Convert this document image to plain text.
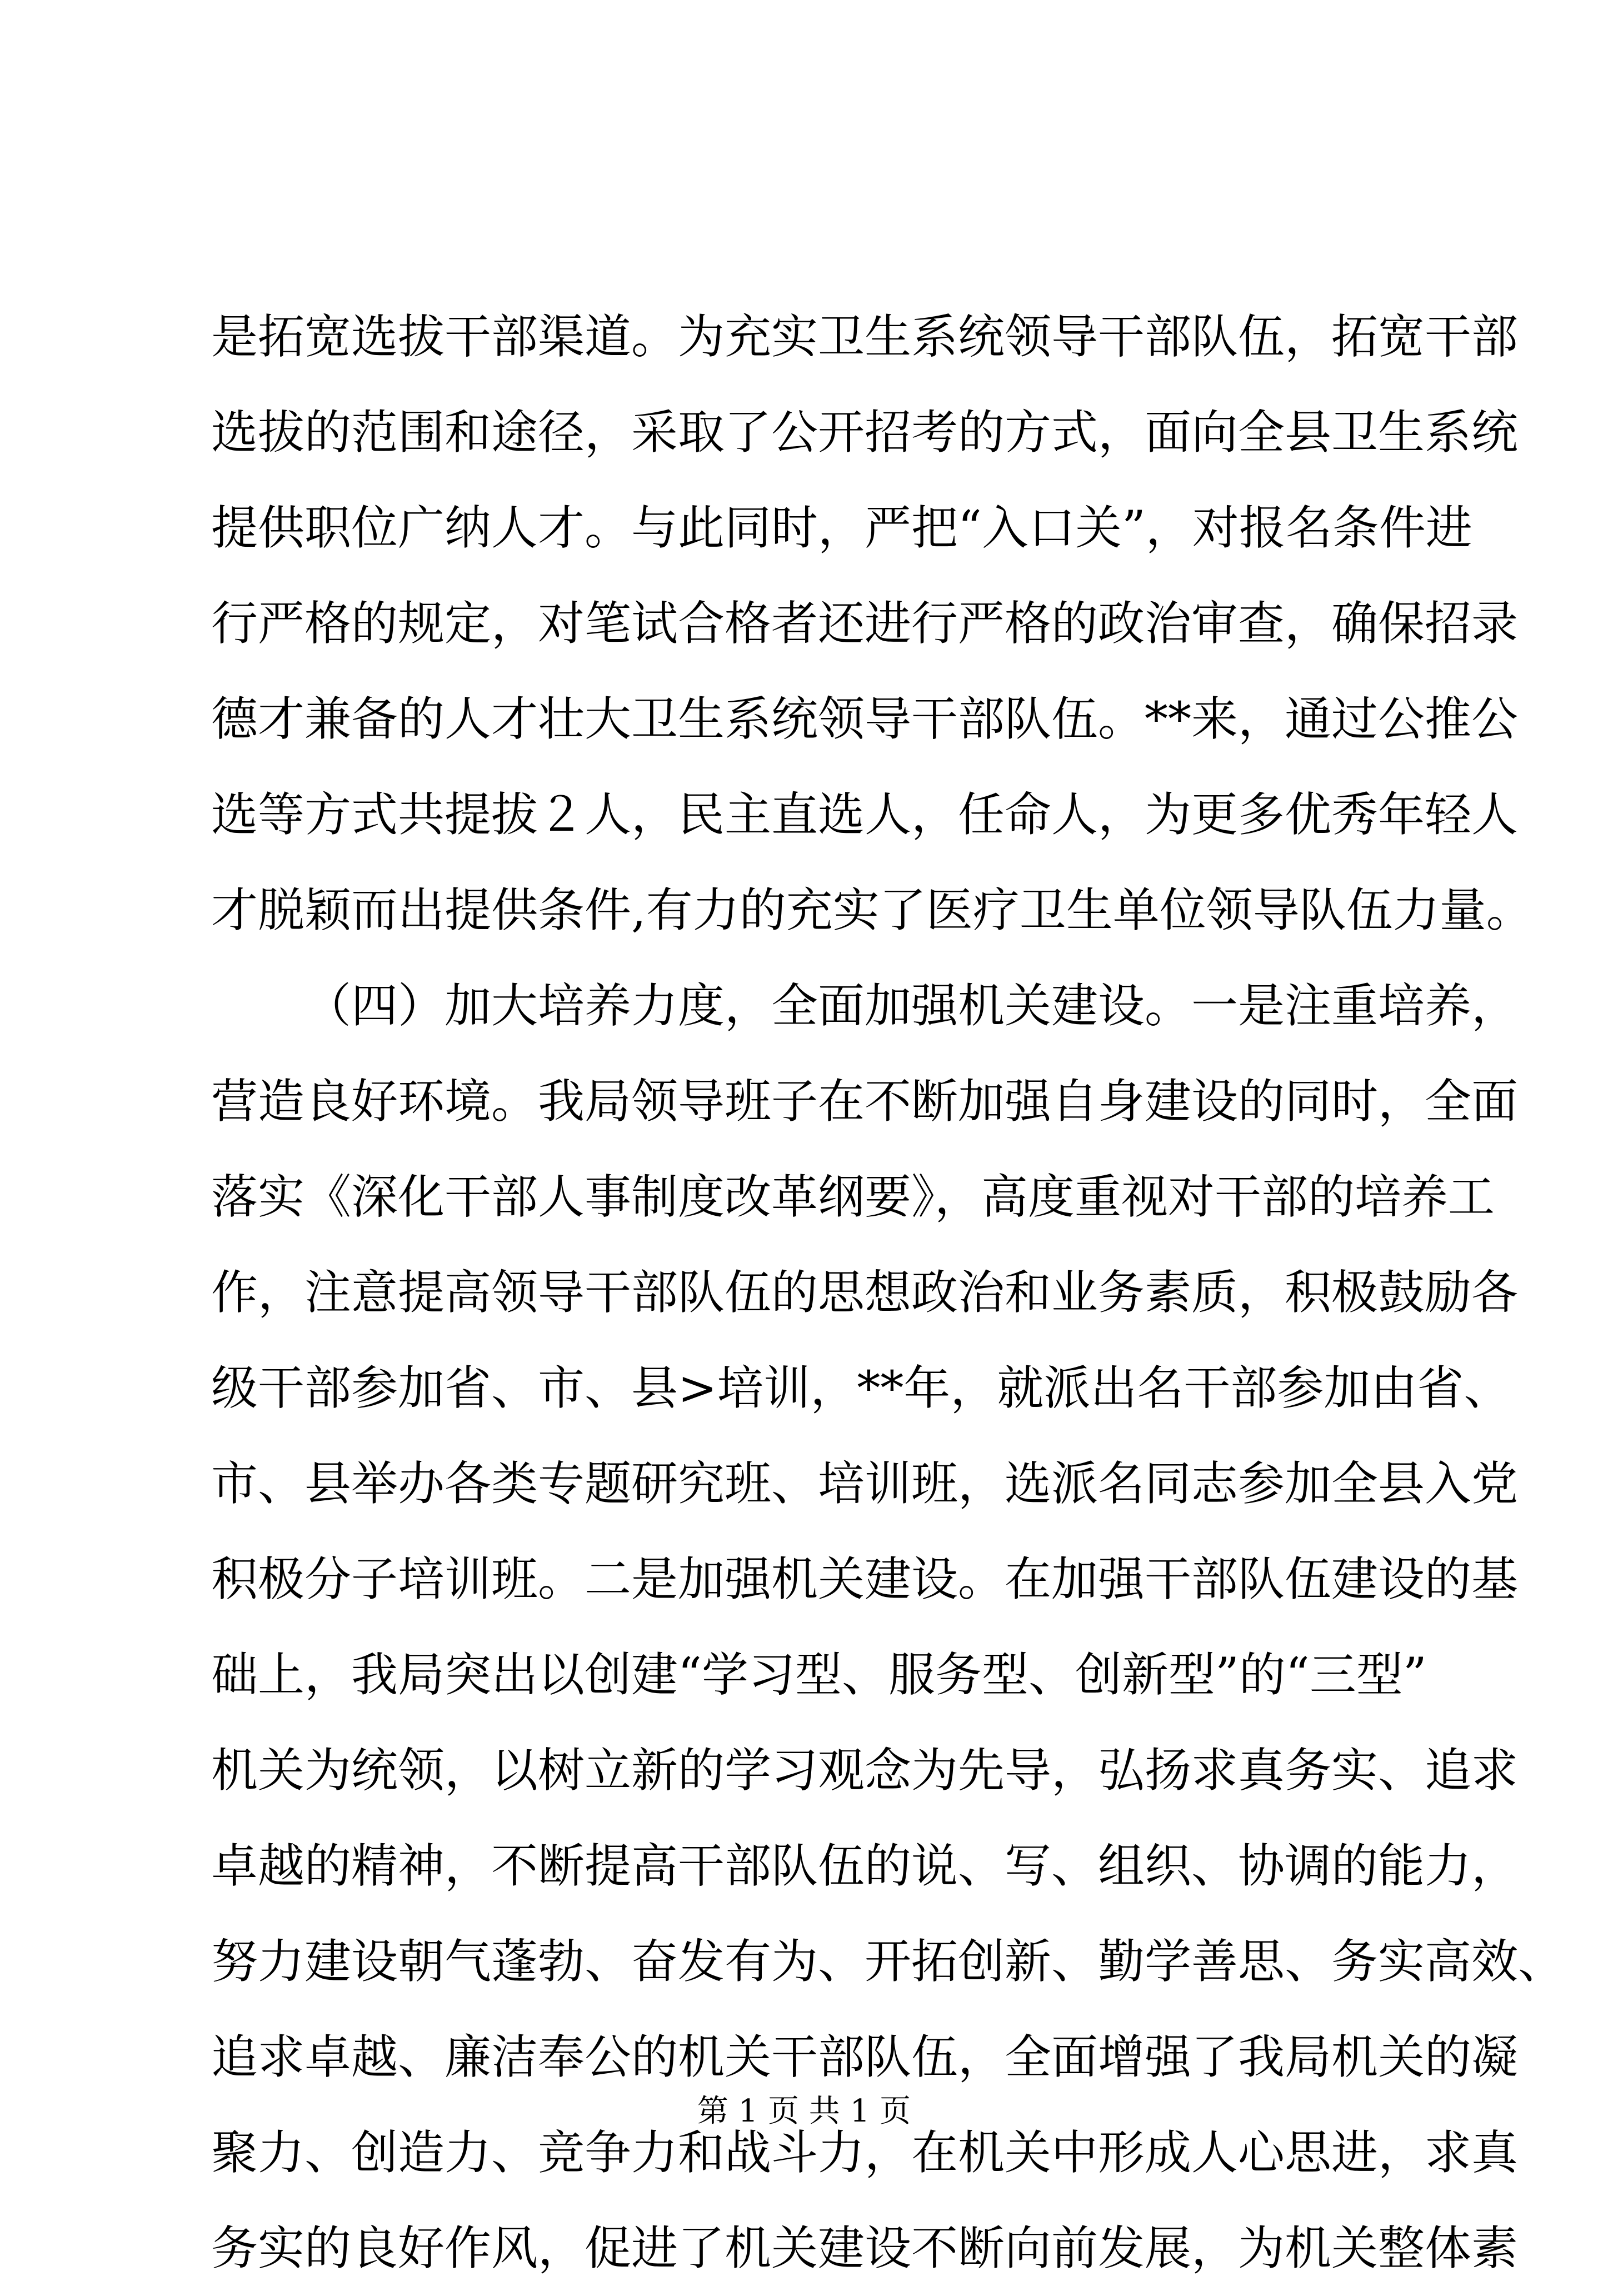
是拓宽选拔干部渠道。为充实卫生系统领导干部队伍，拓宽干部
选拔的范围和途径，采取了公开招考的方式，面向全县卫生系统
提供职位广纳人才。与此同时，严把“入口关”，对报名条件进
行严格的规定，对笔试合格者还进行严格的政治审查，确保招录
德才兼备的人才壮大卫生系统领导干部队伍。**来，通过公推公
选等方式共提拔２人，民主直选人，任命人，为更多优秀年轻人
才脱颖而出提供条件,有力的充实了医疗卫生单位领导队伍力量。
（四）加大培养力度，全面加强机关建设。一是注重培养，
营造良好环境。我局领导班子在不断加强自身建设的同时，全面
落实《深化干部人事制度改革纲要》，高度重视对干部的培养工
作，注意提高领导干部队伍的思想政治和业务素质，积极鼓励各
级干部参加省、市、县>培训，**年，就派出名干部参加由省、
市、县举办各类专题研究班、培训班，选派名同志参加全县入党
积极分子培训班。二是加强机关建设。在加强干部队伍建设的基
础上，我局突出以创建“学习型、服务型、创新型”的“三型”
机关为统领，以树立新的学习观念为先导，弘扬求真务实、追求
卓越的精神，不断提高干部队伍的说、写、组织、协调的能力，
努力建设朝气蓬勃、奋发有为、开拓创新、勤学善思、务实高效、
追求卓越、廉洁奉公的机关干部队伍，全面增强了我局机关的凝
聚力、创造力、竞争力和战斗力，在机关中形成人心思进，求真
务实的良好作风，促进了机关建设不断向前发展，为机关整体素
第 1 页 共 1 页
